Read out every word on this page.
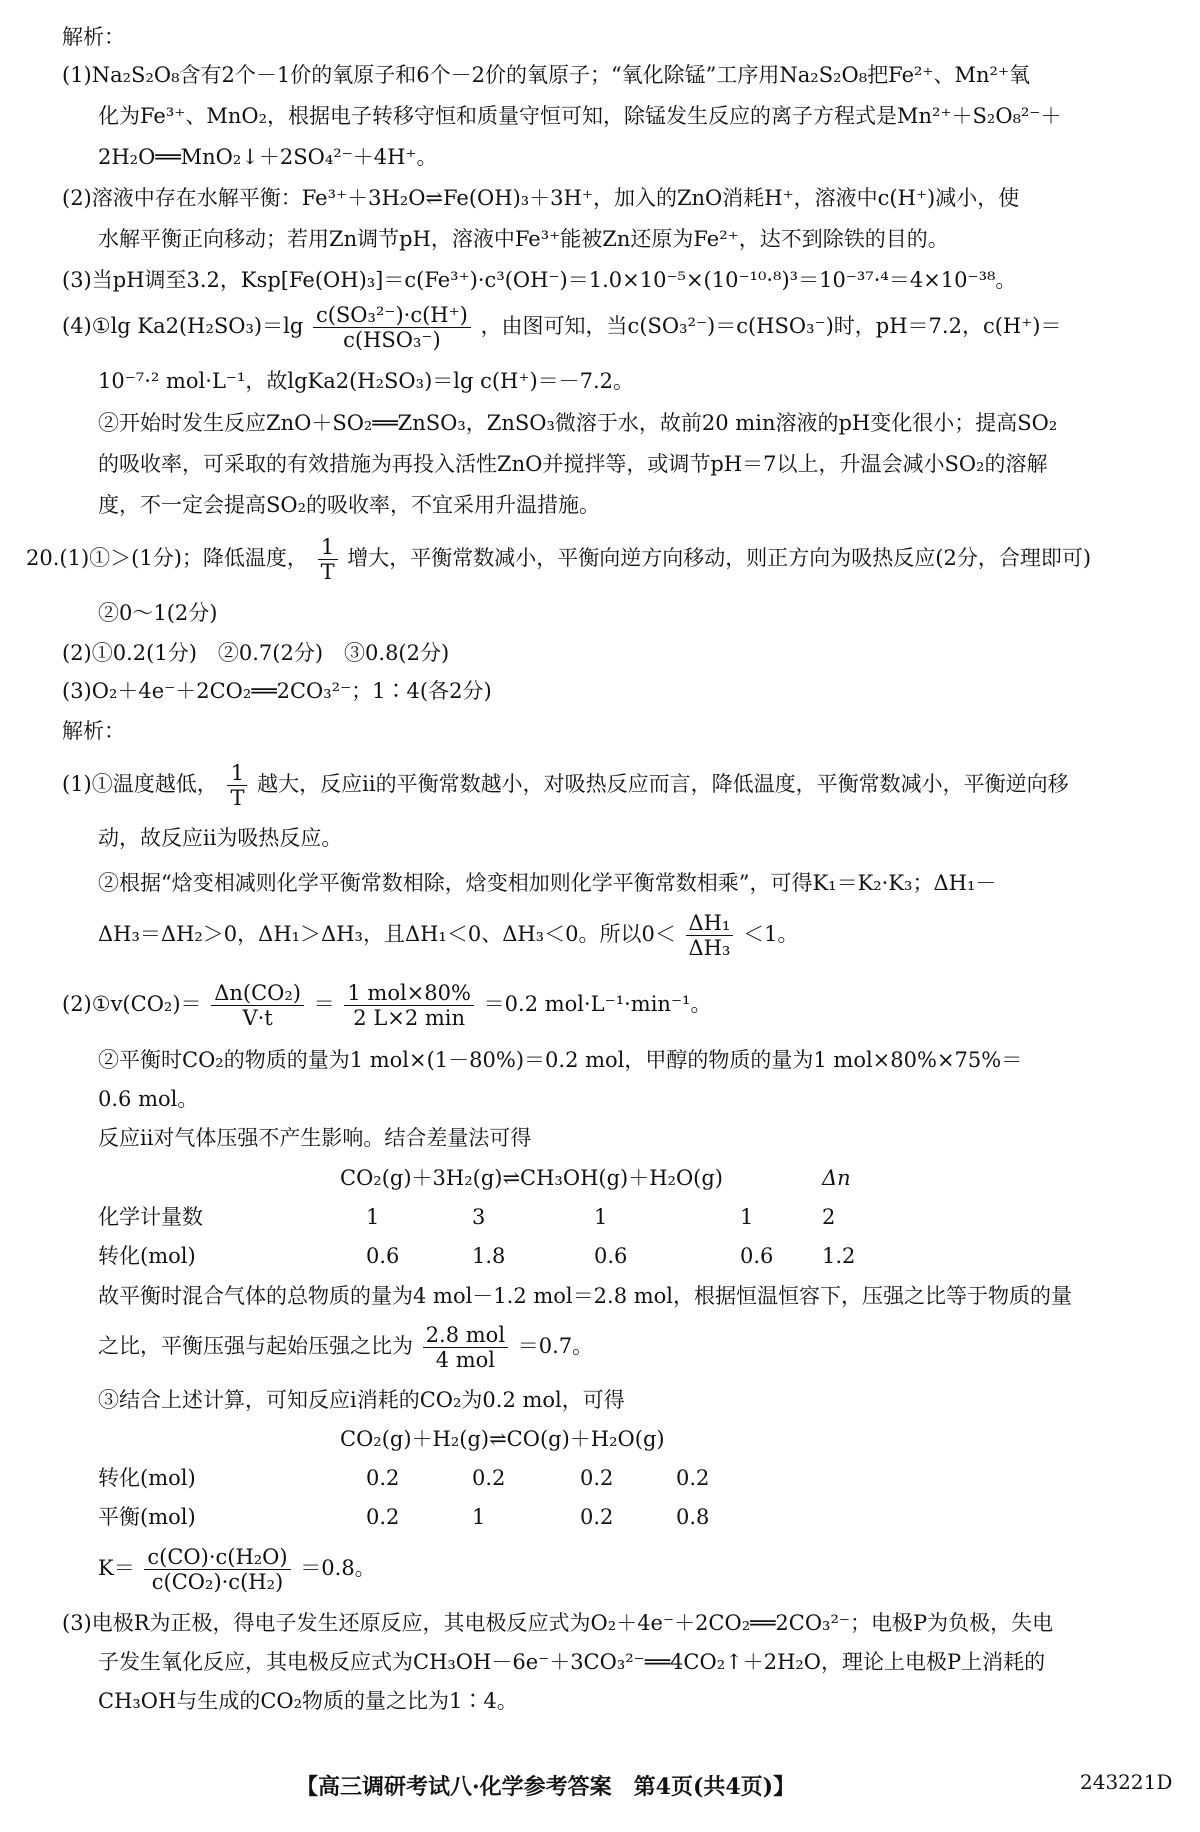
解析：
(1)Na₂S₂O₈含有2个－1价的氧原子和6个－2价的氧原子；“氧化除锰”工序用Na₂S₂O₈把Fe²⁺、Mn²⁺氧
化为Fe³⁺、MnO₂，根据电子转移守恒和质量守恒可知，除锰发生反应的离子方程式是Mn²⁺＋S₂O₈²⁻＋
2H₂O══MnO₂↓＋2SO₄²⁻＋4H⁺。
(2)溶液中存在水解平衡：Fe³⁺＋3H₂O⇌Fe(OH)₃＋3H⁺，加入的ZnO消耗H⁺，溶液中c(H⁺)减小，使
水解平衡正向移动；若用Zn调节pH，溶液中Fe³⁺能被Zn还原为Fe²⁺，达不到除铁的目的。
(3)当pH调至3.2，Ksp[Fe(OH)₃]＝c(Fe³⁺)·c³(OH⁻)＝1.0×10⁻⁵×(10⁻¹⁰·⁸)³＝10⁻³⁷·⁴＝4×10⁻³⁸。
(4)①lg $Ka2(H_2SO_3)=\lg \frac{\text{c(SO₃²⁻)·c(H⁺)}}{\text{c(HSO₃⁻)}}$ ，由图可知，当c(SO₃²⁻)＝c(HSO₃⁻)时，pH＝7.2，c(H⁺)＝
10⁻⁷·² mol·L⁻¹，故lgKa2(H₂SO₃)＝lg c(H⁺)＝－7.2。
②开始时发生反应ZnO＋SO₂══ZnSO₃，ZnSO₃微溶于水，故前20 min溶液的pH变化很小；提高SO₂
的吸收率，可采取的有效措施为再投入活性ZnO并搅拌等，或调节pH＝7以上，升温会减小SO₂的溶解
度，不一定会提高SO₂的吸收率，不宜采用升温措施。
20.(1)①＞(1分)；降低温度， $\frac{1}{T}$ 增大，平衡常数减小，平衡向逆方向移动，则正方向为吸热反应(2分，合理即可)
②0～1(2分)
(2)①0.2(1分)　②0.7(2分)　③0.8(2分)
(3)O₂＋4e⁻＋2CO₂══2CO₃²⁻；1∶4(各2分)
解析：
(1)①温度越低， $\frac{1}{T}$ 越大，反应ⅱ的平衡常数越小，对吸热反应而言，降低温度，平衡常数减小，平衡逆向移
动，故反应ⅱ为吸热反应。
②根据“焓变相减则化学平衡常数相除，焓变相加则化学平衡常数相乘”，可得K₁＝K₂·K₃；ΔH₁－
ΔH₃＝ΔH₂＞0，ΔH₁＞ΔH₃，且ΔH₁＜0、ΔH₃＜0。所以$0< \frac{\text{ΔH₁}}{\text{ΔH₃}} <1$。
(2)①v(CO₂)＝ $\frac{\text{Δn(CO₂)}}{V\cdot t} = \frac{\text{1 mol×80\%}}{2 L\times 2 \min} =0.2$ mol·L⁻¹·min⁻¹。
②平衡时CO₂的物质的量为1 mol×(1－80%)＝0.2 mol，甲醇的物质的量为1 mol×80%×75%＝
0.6 mol。
反应ⅱ对气体压强不产生影响。结合差量法可得
CO₂(g)＋3H₂(g)⇌CH₃OH(g)＋H₂O(g)	Δn
化学计量数	1	3	1	1	2
转化(mol)	0.6	1.8	0.6	0.6 1.2
故平衡时混合气体的总物质的量为4 mol－1.2 mol＝2.8 mol，根据恒温恒容下，压强之比等于物质的量
之比，平衡压强与起始压强之比为 $\frac{\text{2.8 mol}}{\text{4 mol}} =0.7$。
③结合上述计算，可知反应ⅰ消耗的CO₂为0.2 mol，可得
CO₂(g)＋H₂(g)⇌CO(g)＋H₂O(g)
转化(mol)	0.2	0.2	0.2	0.2
平衡(mol)	0.2	1	0.2	0.8
$K= \frac{\text{c(CO)·c(H₂O)}}{\text{c(CO₂)·c(H₂)}} =0.8$。
(3)电极R为正极，得电子发生还原反应，其电极反应式为O₂＋4e⁻＋2CO₂══2CO₃²⁻；电极P为负极，失电
子发生氧化反应，其电极反应式为CH₃OH－6e⁻＋3CO₃²⁻══4CO₂↑＋2H₂O，理论上电极P上消耗的
CH₃OH与生成的CO₂物质的量之比为1∶4。
【高三调研考试八·化学参考答案　第4页(共4页)】	243221D
